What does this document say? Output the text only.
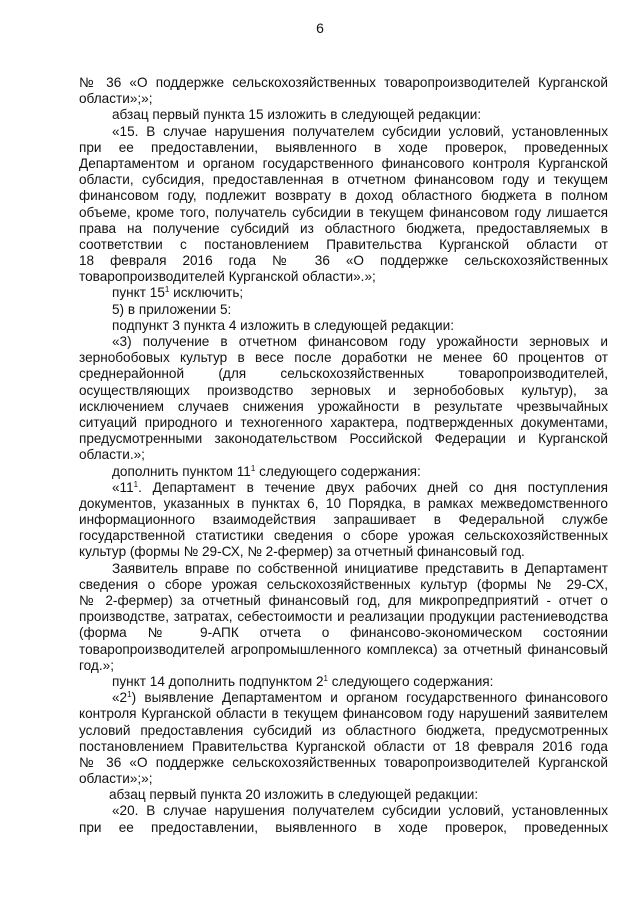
6
№ 36 «О поддержке сельскохозяйственных товаропроизводителей Курганской
области»;»;
абзац первый пункта 15 изложить в следующей редакции:
«15. В случае нарушения получателем субсидии условий, установленных
при ее предоставлении, выявленного в ходе проверок, проведенных
Департаментом и органом государственного финансового контроля Курганской
области, субсидия, предоставленная в отчетном финансовом году и текущем
финансовом году, подлежит возврату в доход областного бюджета в полном
объеме, кроме того, получатель субсидии в текущем финансовом году лишается
права на получение субсидий из областного бюджета, предоставляемых в
соответствии с постановлением Правительства Курганской области от
18 февраля 2016 года № 36 «О поддержке сельскохозяйственных
товаропроизводителей Курганской области».»;
пункт $15^1$ исключить;
5) в приложении 5:
подпункт 3 пункта 4 изложить в следующей редакции:
«3) получение в отчетном финансовом году урожайности зерновых и
зернобобовых культур в весе после доработки не менее 60 процентов от
среднерайонной (для сельскохозяйственных товаропроизводителей,
осуществляющих производство зерновых и зернобобовых культур), за
исключением случаев снижения урожайности в результате чрезвычайных
ситуаций природного и техногенного характера, подтвержденных документами,
предусмотренными законодательством Российской Федерации и Курганской
области.»;
дополнить пунктом $11^1$ следующего содержания:
«$11^1$. Департамент в течение двух рабочих дней со дня поступления
документов, указанных в пунктах 6, 10 Порядка, в рамках межведомственного
информационного взаимодействия запрашивает в Федеральной службе
государственной статистики сведения о сборе урожая сельскохозяйственных
культур (формы № 29-СХ, № 2-фермер) за отчетный финансовый год.
Заявитель вправе по собственной инициативе представить в Департамент
сведения о сборе урожая сельскохозяйственных культур (формы № 29-СХ,
№ 2-фермер) за отчетный финансовый год, для микропредприятий - отчет о
производстве, затратах, себестоимости и реализации продукции растениеводства
(форма № 9-АПК отчета о финансово-экономическом состоянии
товаропроизводителей агропромышленного комплекса) за отчетный финансовый
год.»;
пункт 14 дополнить подпунктом $2^1$ следующего содержания:
«$2^1$) выявление Департаментом и органом государственного финансового
контроля Курганской области в текущем финансовом году нарушений заявителем
условий предоставления субсидий из областного бюджета, предусмотренных
постановлением Правительства Курганской области от 18 февраля 2016 года
№ 36 «О поддержке сельскохозяйственных товаропроизводителей Курганской
области»;»;
абзац первый пункта 20 изложить в следующей редакции:
«20. В случае нарушения получателем субсидии условий, установленных
при ее предоставлении, выявленного в ходе проверок, проведенных
